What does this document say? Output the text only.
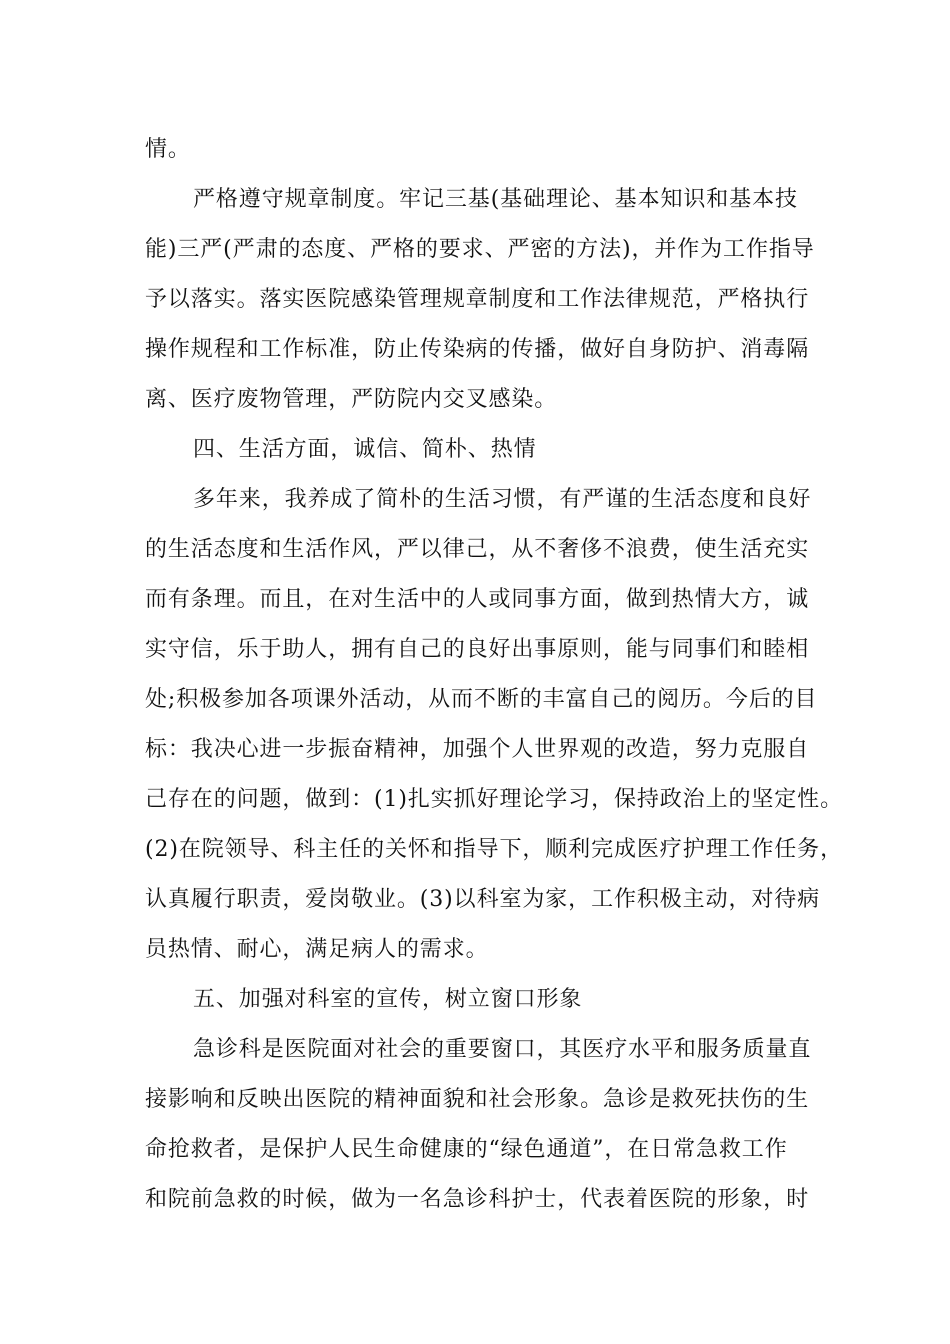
情。
严格遵守规章制度。牢记三基(基础理论、基本知识和基本技
能)三严(严肃的态度、严格的要求、严密的方法)，并作为工作指导
予以落实。落实医院感染管理规章制度和工作法律规范，严格执行
操作规程和工作标准，防止传染病的传播，做好自身防护、消毒隔
离、医疗废物管理，严防院内交叉感染。
四、生活方面，诚信、简朴、热情
多年来，我养成了简朴的生活习惯，有严谨的生活态度和良好
的生活态度和生活作风，严以律己，从不奢侈不浪费，使生活充实
而有条理。而且，在对生活中的人或同事方面，做到热情大方，诚
实守信，乐于助人，拥有自己的良好出事原则，能与同事们和睦相
处;积极参加各项课外活动，从而不断的丰富自己的阅历。今后的目
标：我决心进一步振奋精神，加强个人世界观的改造，努力克服自
己存在的问题，做到：(1)扎实抓好理论学习，保持政治上的坚定性。
(2)在院领导、科主任的关怀和指导下，顺利完成医疗护理工作任务，
认真履行职责，爱岗敬业。(3)以科室为家，工作积极主动，对待病
员热情、耐心，满足病人的需求。
五、加强对科室的宣传，树立窗口形象
急诊科是医院面对社会的重要窗口，其医疗水平和服务质量直
接影响和反映出医院的精神面貌和社会形象。急诊是救死扶伤的生
命抢救者，是保护人民生命健康的“绿色通道”，在日常急救工作
和院前急救的时候，做为一名急诊科护士，代表着医院的形象，时
